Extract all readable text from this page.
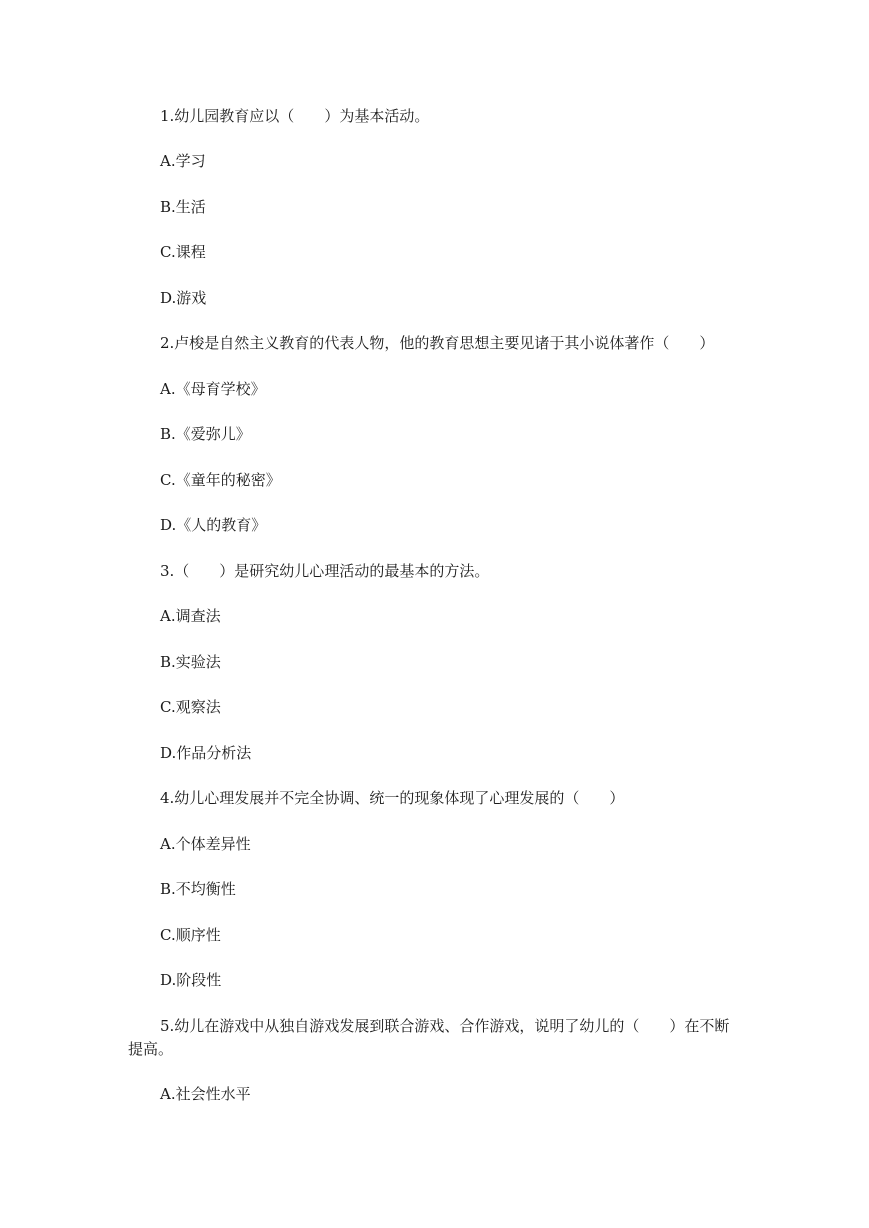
1.幼儿园教育应以（　　）为基本活动。
A.学习
B.生活
C.课程
D.游戏
2.卢梭是自然主义教育的代表人物，他的教育思想主要见诸于其小说体著作（　　）
A.《母育学校》
B.《爱弥儿》
C.《童年的秘密》
D.《人的教育》
3.（　　）是研究幼儿心理活动的最基本的方法。
A.调查法
B.实验法
C.观察法
D.作品分析法
4.幼儿心理发展并不完全协调、统一的现象体现了心理发展的（　　）
A.个体差异性
B.不均衡性
C.顺序性
D.阶段性
5.幼儿在游戏中从独自游戏发展到联合游戏、合作游戏，说明了幼儿的（　　）在不断
提高。
A.社会性水平
